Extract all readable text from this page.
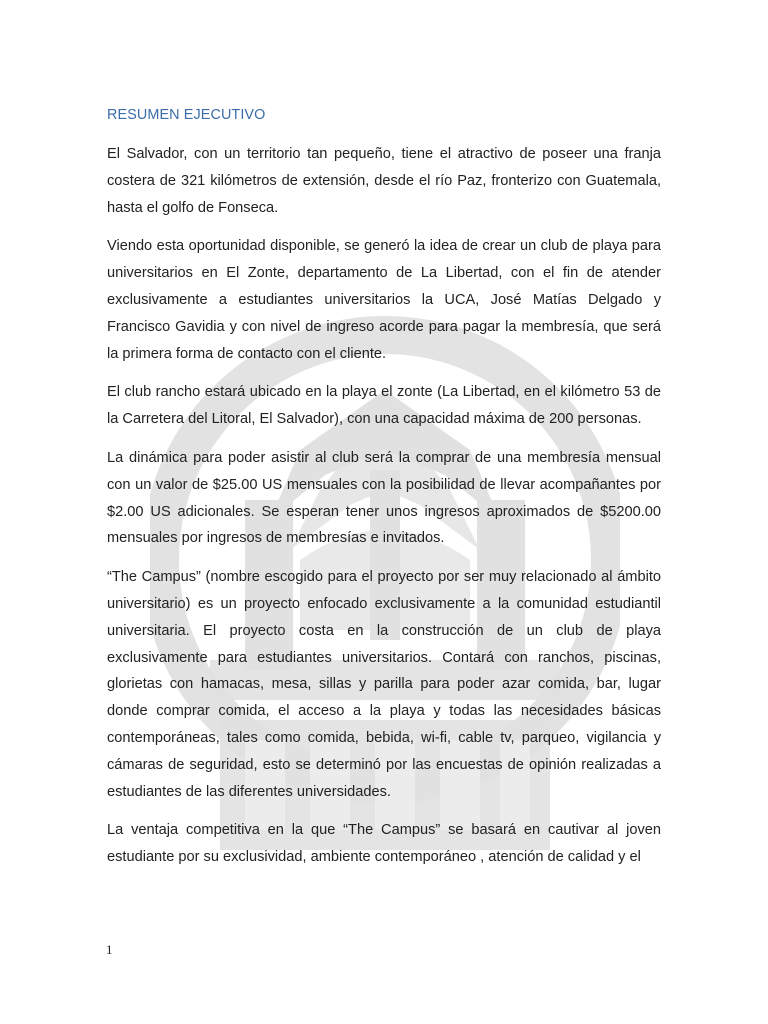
RESUMEN EJECUTIVO

El Salvador, con un territorio tan pequeño, tiene el atractivo de poseer una franja costera de 321 kilómetros de extensión, desde el río Paz, fronterizo con Guatemala, hasta el golfo de Fonseca.

Viendo esta oportunidad disponible, se generó la idea de crear un club de playa para universitarios en El Zonte, departamento de La Libertad, con el fin de atender exclusivamente a estudiantes universitarios la UCA, José Matías Delgado y Francisco Gavidia y con nivel de ingreso acorde para pagar la membresía, que será la primera forma de contacto con el cliente.

El club rancho estará ubicado en la playa el zonte (La Libertad, en el kilómetro 53 de la Carretera del Litoral, El Salvador), con una capacidad máxima de 200 personas.

La dinámica para poder asistir al club será la comprar de una membresía mensual con un valor de $25.00 US mensuales con la posibilidad de llevar acompañantes por $2.00 US adicionales. Se esperan tener unos ingresos aproximados de $5200.00 mensuales por ingresos de membresías e invitados.

“The Campus” (nombre escogido para el proyecto por ser muy relacionado al ámbito universitario) es un proyecto enfocado exclusivamente a la comunidad estudiantil universitaria. El proyecto costa en la construcción de un club de playa exclusivamente para estudiantes universitarios. Contará con ranchos, piscinas, glorietas con hamacas, mesa, sillas y parilla para poder azar comida, bar, lugar donde comprar comida, el acceso a la playa y todas las necesidades básicas contemporáneas, tales como comida, bebida, wi-fi, cable tv, parqueo, vigilancia y cámaras de seguridad, esto se determinó por las encuestas de opinión realizadas a estudiantes de las diferentes universidades.

La ventaja competitiva en la que “The Campus” se basará en cautivar al joven estudiante por su exclusividad, ambiente contemporáneo , atención de calidad y el

1
